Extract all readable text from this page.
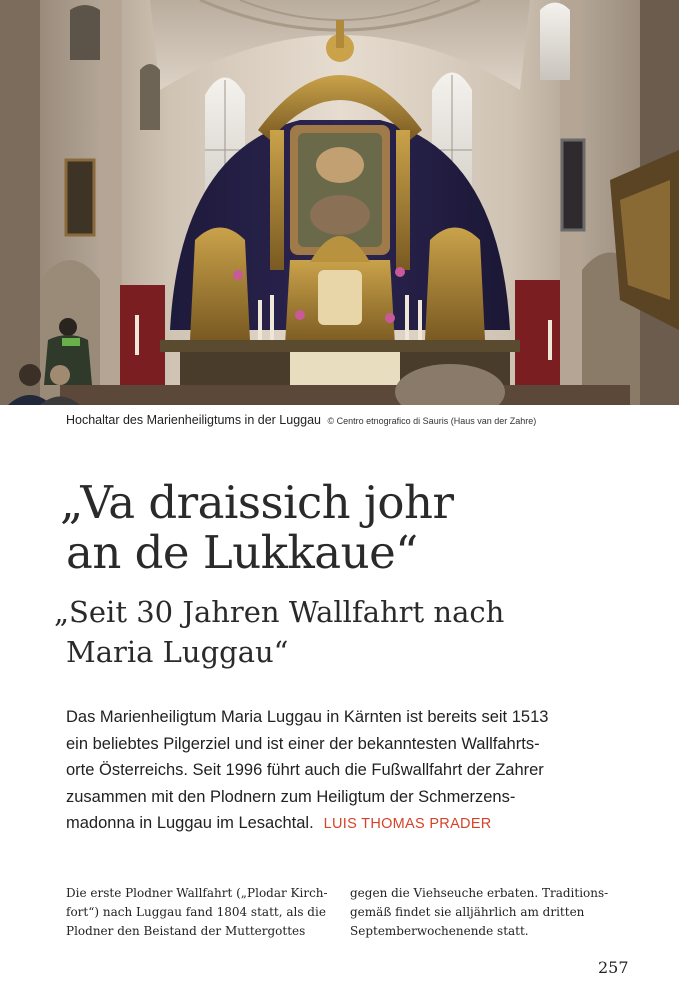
Hochaltar des Marienheiligtums in der Luggau © Centro etnografico di Sauris (Haus van der Zahre)
„Va draissich johr
an de Lukkaue“
„Seit 30 Jahren Wallfahrt nach
Maria Luggau“
Das Marienheiligtum Maria Luggau in Kärnten ist bereits seit 1513
ein beliebtes Pilgerziel und ist einer der bekanntesten Wallfahrts-
orte Österreichs. Seit 1996 führt auch die Fußwallfahrt der Zahrer
zusammen mit den Plodnern zum Heiligtum der Schmerzens-
madonna in Luggau im Lesachtal. LUIS THOMAS PRADER
Die erste Plodner Wallfahrt („Plodar Kirch-
fort“) nach Luggau fand 1804 statt, als die
Plodner den Beistand der Muttergottes
gegen die Viehseuche erbaten. Traditions-
gemäß findet sie alljährlich am dritten
Septemberwochenende statt.
257
